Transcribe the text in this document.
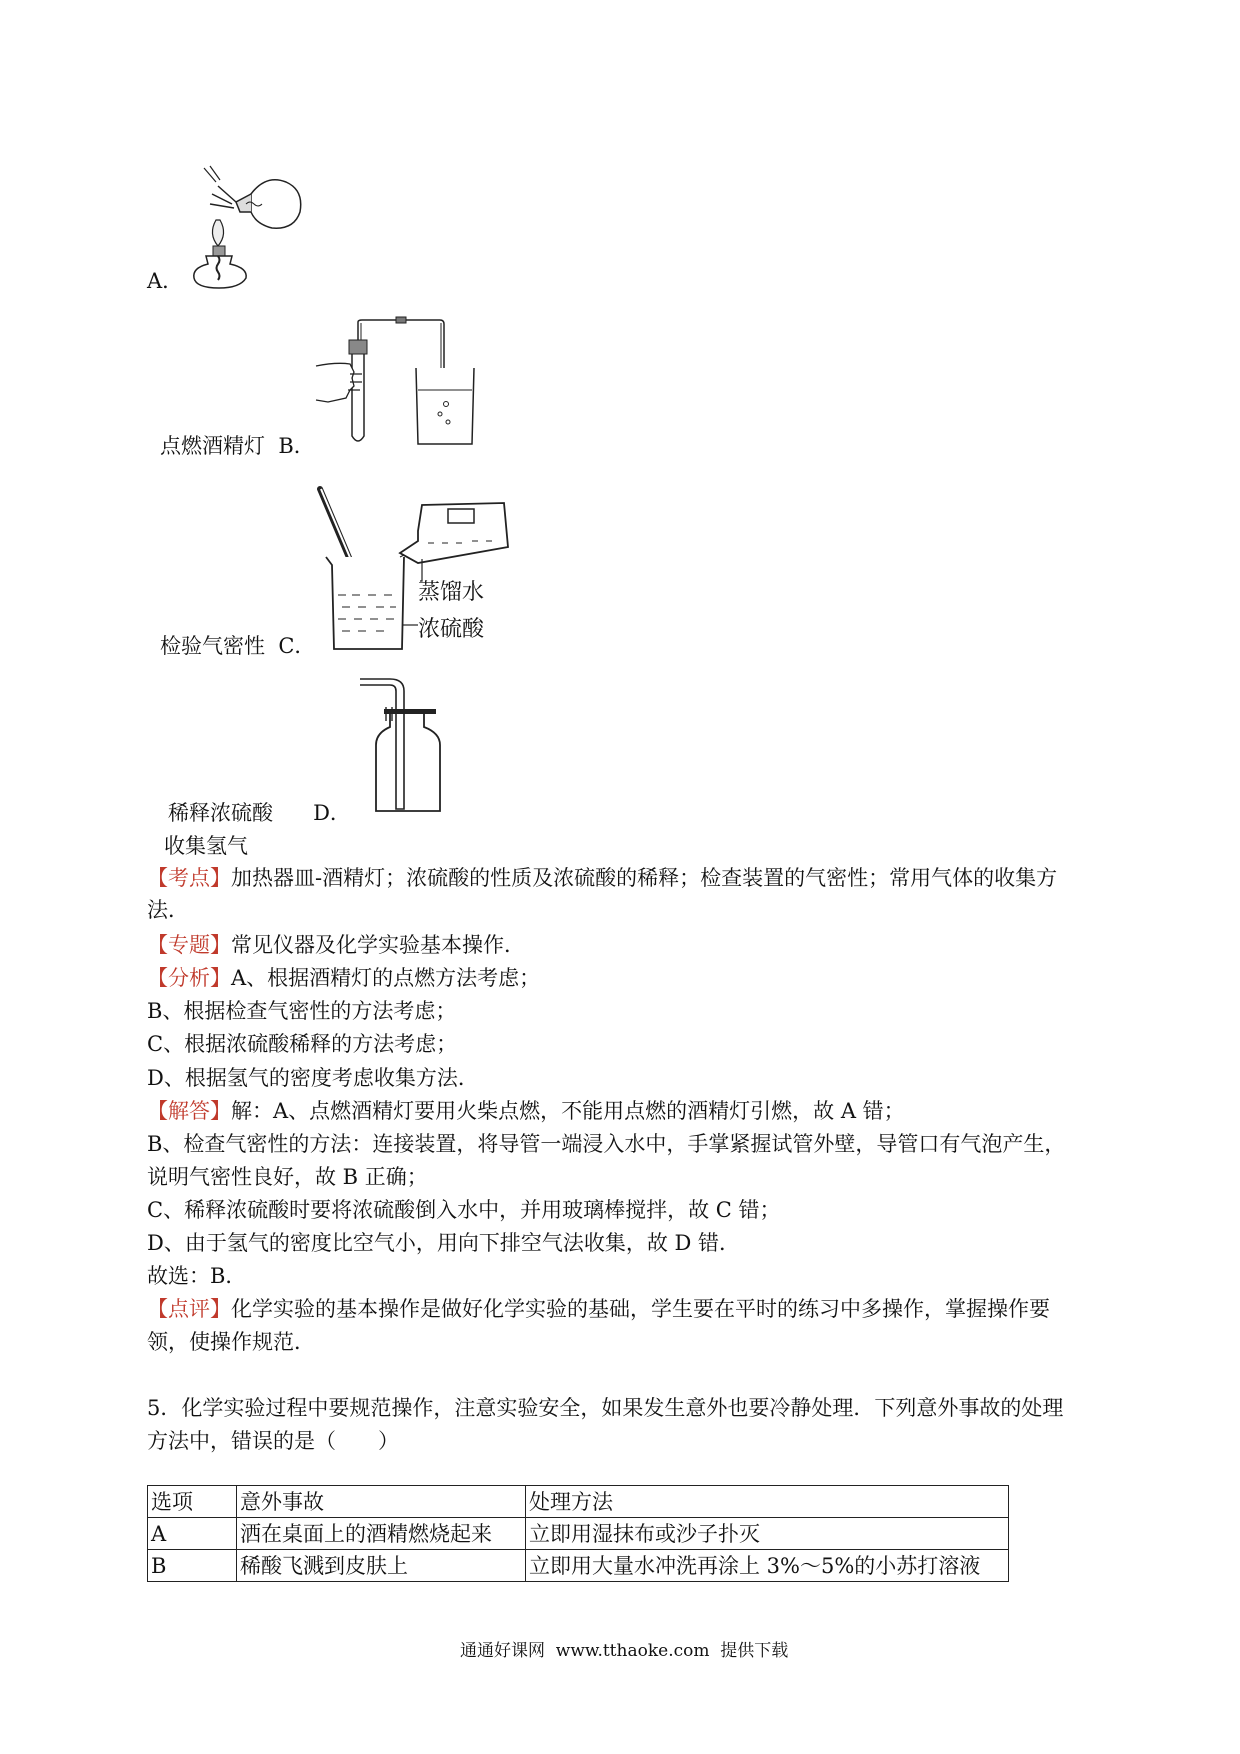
A．
点燃酒精灯 B．
蒸馏水
浓硫酸
检验气密性 C．
稀释浓硫酸 D．
收集氢气
【考点】加热器皿-酒精灯；浓硫酸的性质及浓硫酸的稀释；检查装置的气密性；常用气体的收集方
法．
【专题】常见仪器及化学实验基本操作．
【分析】A、根据酒精灯的点燃方法考虑；
B、根据检查气密性的方法考虑；
C、根据浓硫酸稀释的方法考虑；
D、根据氢气的密度考虑收集方法．
【解答】解：A、点燃酒精灯要用火柴点燃，不能用点燃的酒精灯引燃，故 A 错；
B、检查气密性的方法：连接装置，将导管一端浸入水中，手掌紧握试管外壁，导管口有气泡产生，
说明气密性良好，故 B 正确；
C、稀释浓硫酸时要将浓硫酸倒入水中，并用玻璃棒搅拌，故 C 错；
D、由于氢气的密度比空气小，用向下排空气法收集，故 D 错．
故选：B．
【点评】化学实验的基本操作是做好化学实验的基础，学生要在平时的练习中多操作，掌握操作要
领，使操作规范．
5．化学实验过程中要规范操作，注意实验安全，如果发生意外也要冷静处理．下列意外事故的处理
方法中，错误的是（　　）
选项	意外事故	处理方法
A	洒在桌面上的酒精燃烧起来	立即用湿抹布或沙子扑灭
B	稀酸飞溅到皮肤上	立即用大量水冲洗再涂上 3%～5%的小苏打溶液
通通好课网  www.tthaoke.com  提供下载
